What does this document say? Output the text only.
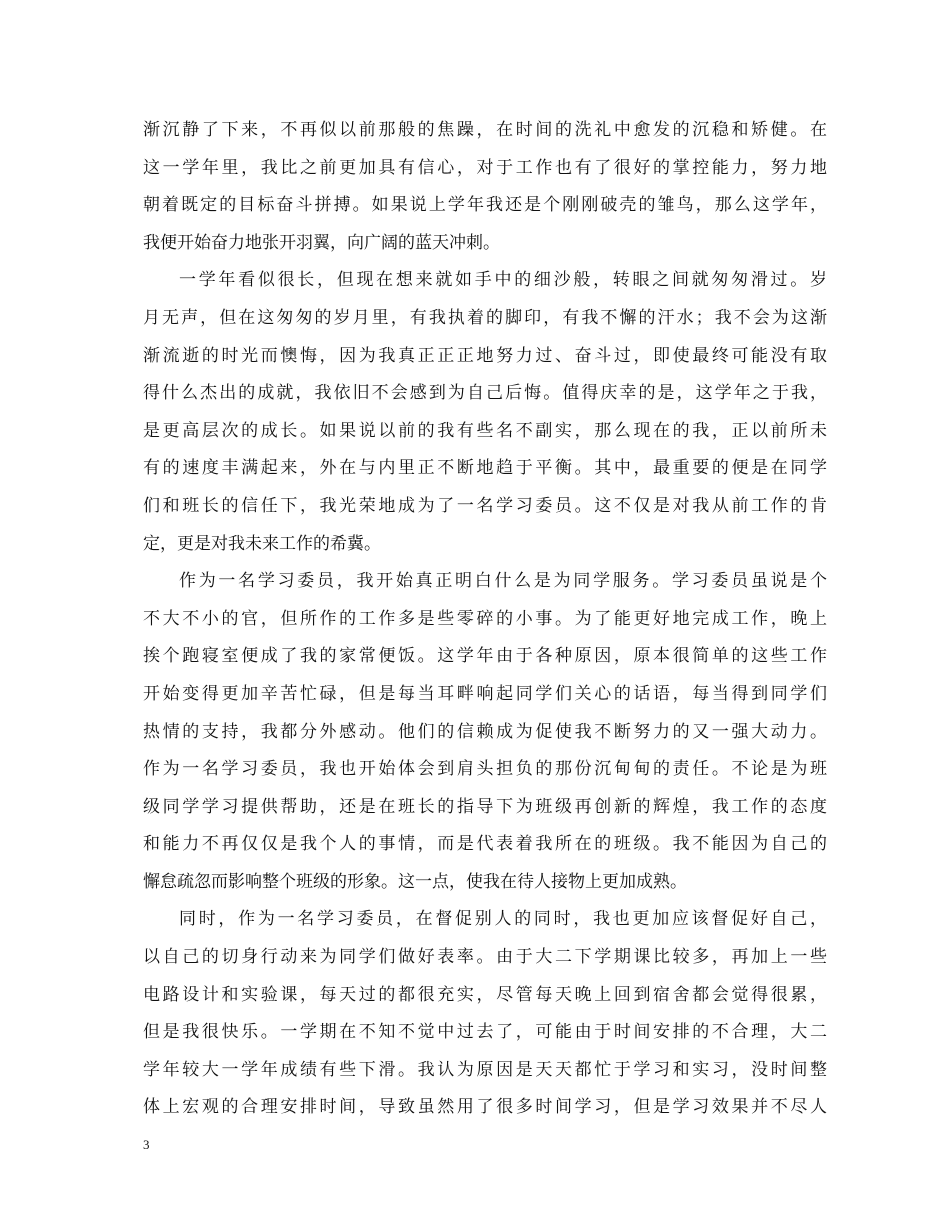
渐沉静了下来，不再似以前那般的焦躁，在时间的洗礼中愈发的沉稳和矫健。在
这一学年里，我比之前更加具有信心，对于工作也有了很好的掌控能力，努力地
朝着既定的目标奋斗拼搏。如果说上学年我还是个刚刚破壳的雏鸟，那么这学年，
我便开始奋力地张开羽翼，向广阔的蓝天冲刺。
一学年看似很长，但现在想来就如手中的细沙般，转眼之间就匆匆滑过。岁
月无声，但在这匆匆的岁月里，有我执着的脚印，有我不懈的汗水；我不会为这渐
渐流逝的时光而懊悔，因为我真正正正地努力过、奋斗过，即使最终可能没有取
得什么杰出的成就，我依旧不会感到为自己后悔。值得庆幸的是，这学年之于我，
是更高层次的成长。如果说以前的我有些名不副实，那么现在的我，正以前所未
有的速度丰满起来，外在与内里正不断地趋于平衡。其中，最重要的便是在同学
们和班长的信任下，我光荣地成为了一名学习委员。这不仅是对我从前工作的肯
定，更是对我未来工作的希冀。
作为一名学习委员，我开始真正明白什么是为同学服务。学习委员虽说是个
不大不小的官，但所作的工作多是些零碎的小事。为了能更好地完成工作，晚上
挨个跑寝室便成了我的家常便饭。这学年由于各种原因，原本很简单的这些工作
开始变得更加辛苦忙碌，但是每当耳畔响起同学们关心的话语，每当得到同学们
热情的支持，我都分外感动。他们的信赖成为促使我不断努力的又一强大动力。
作为一名学习委员，我也开始体会到肩头担负的那份沉甸甸的责任。不论是为班
级同学学习提供帮助，还是在班长的指导下为班级再创新的辉煌，我工作的态度
和能力不再仅仅是我个人的事情，而是代表着我所在的班级。我不能因为自己的
懈怠疏忽而影响整个班级的形象。这一点，使我在待人接物上更加成熟。
同时，作为一名学习委员，在督促别人的同时，我也更加应该督促好自己，
以自己的切身行动来为同学们做好表率。由于大二下学期课比较多，再加上一些
电路设计和实验课，每天过的都很充实，尽管每天晚上回到宿舍都会觉得很累，
但是我很快乐。一学期在不知不觉中过去了，可能由于时间安排的不合理，大二
学年较大一学年成绩有些下滑。我认为原因是天天都忙于学习和实习，没时间整
体上宏观的合理安排时间，导致虽然用了很多时间学习，但是学习效果并不尽人
3
